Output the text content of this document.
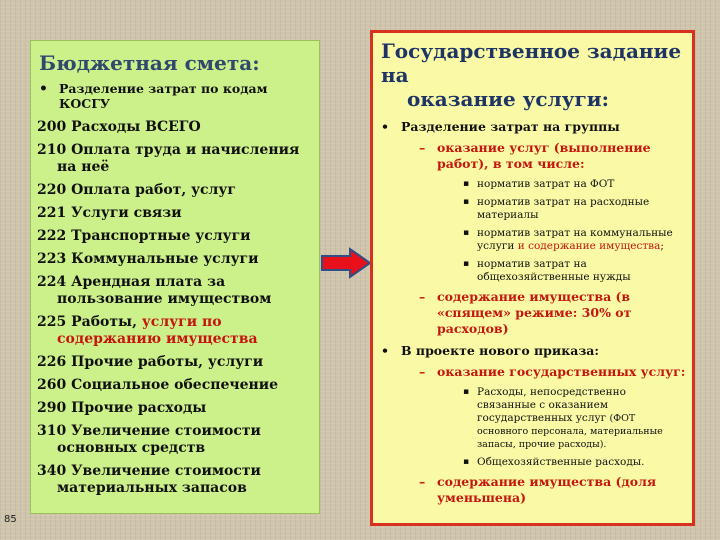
Бюджетная смета:
• Разделение затрат по кодам КОСГУ
200 Расходы ВСЕГО
210 Оплата труда и начисления на неё
220 Оплата работ, услуг
221 Услуги связи
222 Транспортные услуги
223 Коммунальные услуги
224 Арендная плата за пользование имуществом
225 Работы, услуги по содержанию имущества
226 Прочие работы, услуги
260 Социальное обеспечение
290 Прочие расходы
310 Увеличение стоимости основных средств
340 Увеличение стоимости материальных запасов
Государственное задание на
оказание услуги:
• Разделение затрат на группы
– оказание услуг (выполнение работ), в том числе:
▪ норматив затрат на ФОТ
▪ норматив затрат на расходные материалы
▪ норматив затрат на коммунальные услуги и содержание имущества;
▪ норматив затрат на общехозяйственные нужды
– содержание имущества (в «спящем» режиме: 30% от расходов)
• В проекте нового приказа:
– оказание государственных услуг:
▪ Расходы, непосредственно связанные с оказанием государственных услуг (ФОТ основного персонала, материальные запасы, прочие расходы).
▪ Общехозяйственные расходы.
– содержание имущества (доля уменьшена)
85
